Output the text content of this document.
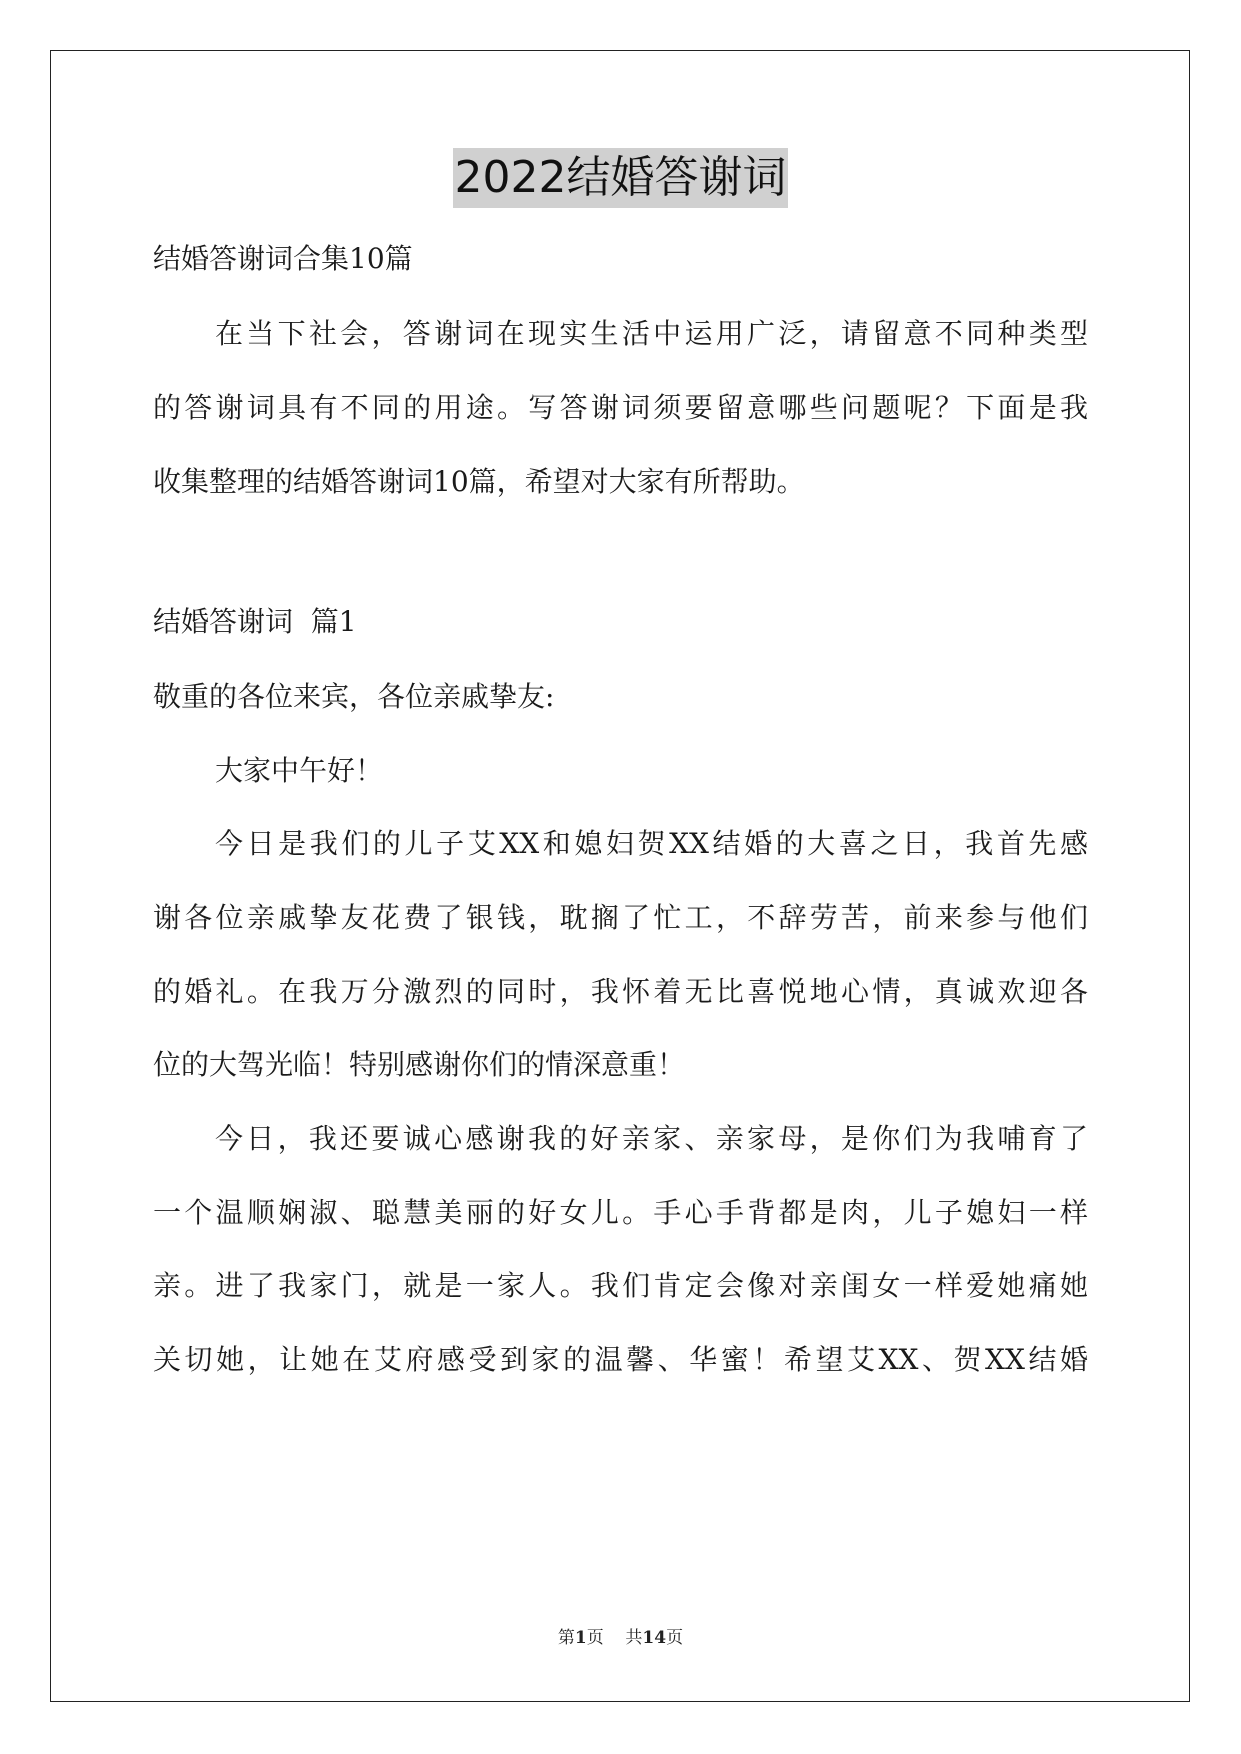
2022结婚答谢词

结婚答谢词合集10篇

在当下社会，答谢词在现实生活中运用广泛，请留意不同种类型

的答谢词具有不同的用途。写答谢词须要留意哪些问题呢？下面是我

收集整理的结婚答谢词10篇，希望对大家有所帮助。

结婚答谢词  篇1

敬重的各位来宾，各位亲戚挚友:

大家中午好！

今日是我们的儿子艾XX和媳妇贺XX结婚的大喜之日，我首先感

谢各位亲戚挚友花费了银钱，耽搁了忙工，不辞劳苦，前来参与他们

的婚礼。在我万分激烈的同时，我怀着无比喜悦地心情，真诚欢迎各

位的大驾光临！特别感谢你们的情深意重！

今日，我还要诚心感谢我的好亲家、亲家母，是你们为我哺育了

一个温顺娴淑、聪慧美丽的好女儿。手心手背都是肉，儿子媳妇一样

亲。进了我家门，就是一家人。我们肯定会像对亲闺女一样爱她痛她

关切她，让她在艾府感受到家的温馨、华蜜！希望艾XX、贺XX结婚

第1页 共14页
